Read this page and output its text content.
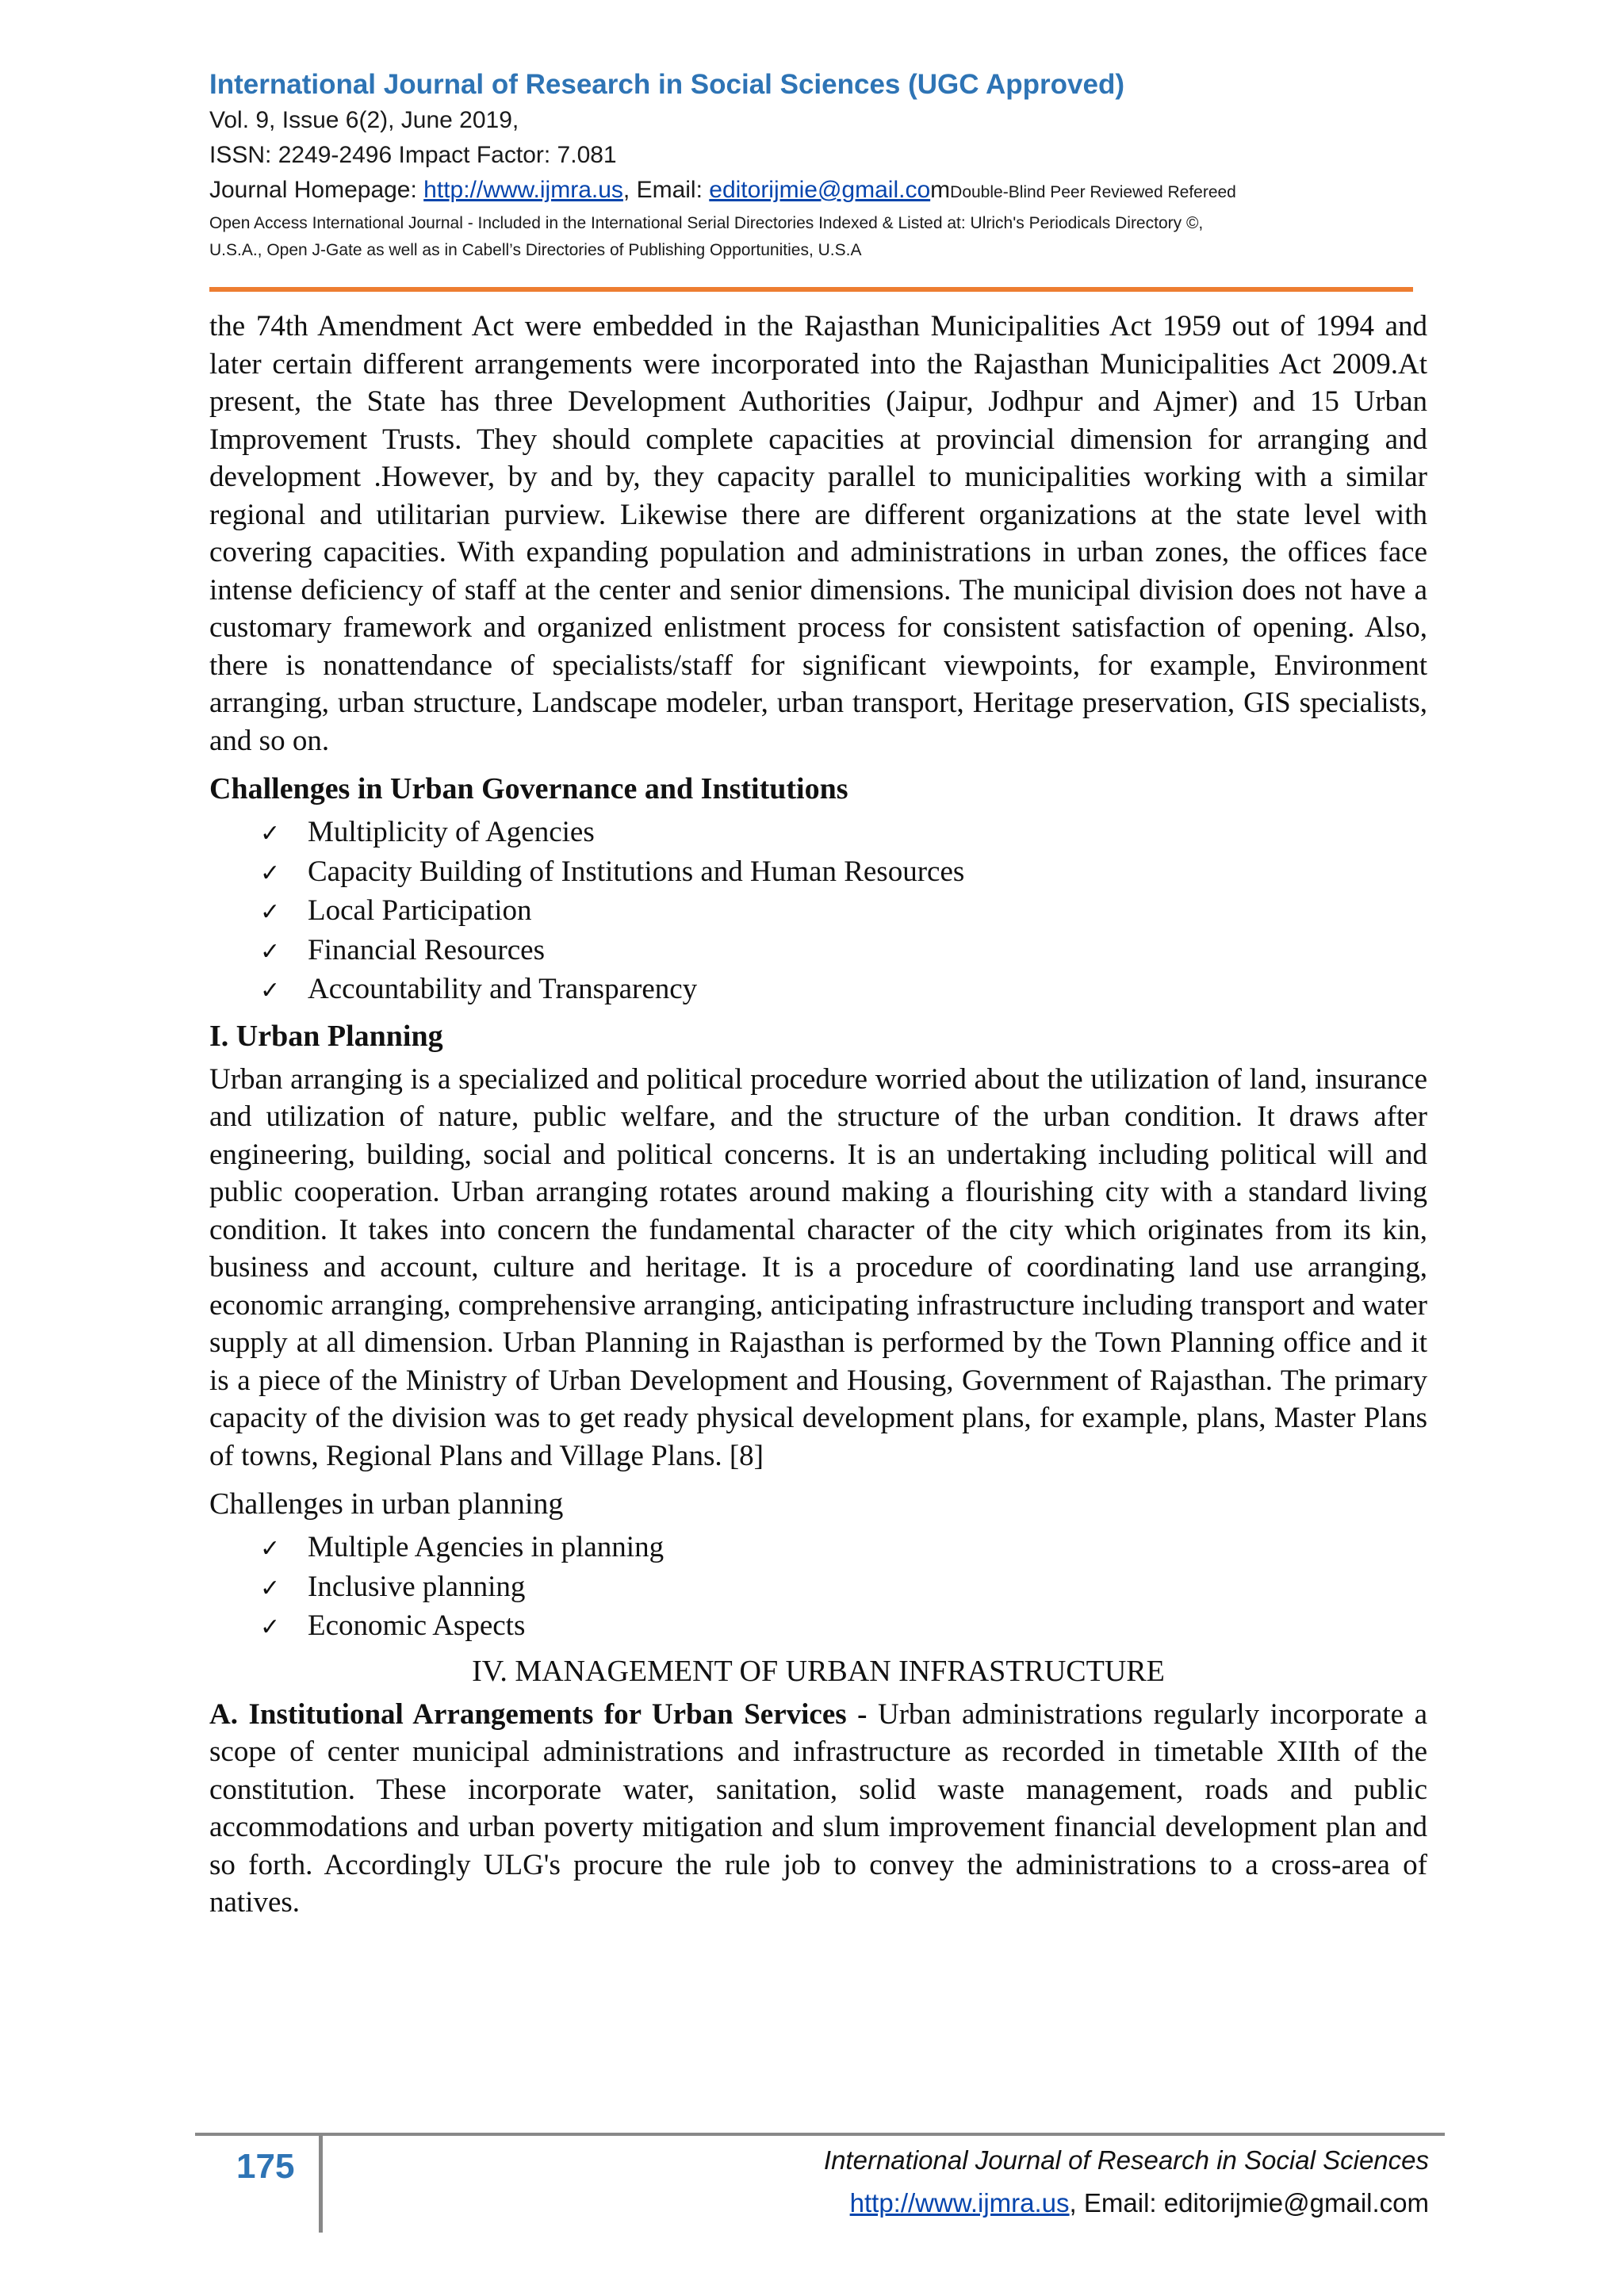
International Journal of Research in Social Sciences (UGC Approved)

Vol. 9, Issue 6(2), June 2019,

ISSN: 2249-2496 Impact Factor: 7.081

Journal Homepage: http://www.ijmra.us, Email: editorijmie@gmail.comDouble-Blind Peer Reviewed Refereed

Open Access International Journal - Included in the International Serial Directories Indexed & Listed at: Ulrich's Periodicals Directory ©,

U.S.A., Open J-Gate as well as in Cabell’s Directories of Publishing Opportunities, U.S.A

the 74th Amendment Act were embedded in the Rajasthan Municipalities Act 1959 out of 1994 and later certain different arrangements were incorporated into the Rajasthan Municipalities Act 2009.At present, the State has three Development Authorities (Jaipur, Jodhpur and Ajmer) and 15 Urban Improvement Trusts. They should complete capacities at provincial dimension for arranging and development .However, by and by, they capacity parallel to municipalities working with a similar regional and utilitarian purview. Likewise there are different organizations at the state level with covering capacities. With expanding population and administrations in urban zones, the offices face intense deficiency of staff at the center and senior dimensions. The municipal division does not have a customary framework and organized enlistment process for consistent satisfaction of opening. Also, there is nonattendance of specialists/staff for significant viewpoints, for example, Environment arranging, urban structure, Landscape modeler, urban transport, Heritage preservation, GIS specialists, and so on.

Challenges in Urban Governance and Institutions

✓ Multiplicity of Agencies
✓ Capacity Building of Institutions and Human Resources
✓ Local Participation
✓ Financial Resources
✓ Accountability and Transparency

I. Urban Planning

Urban arranging is a specialized and political procedure worried about the utilization of land, insurance and utilization of nature, public welfare, and the structure of the urban condition. It draws after engineering, building, social and political concerns. It is an undertaking including political will and public cooperation. Urban arranging rotates around making a flourishing city with a standard living condition. It takes into concern the fundamental character of the city which originates from its kin, business and account, culture and heritage. It is a procedure of coordinating land use arranging, economic arranging, comprehensive arranging, anticipating infrastructure including transport and water supply at all dimension. Urban Planning in Rajasthan is performed by the Town Planning office and it is a piece of the Ministry of Urban Development and Housing, Government of Rajasthan. The primary capacity of the division was to get ready physical development plans, for example, plans, Master Plans of towns, Regional Plans and Village Plans. [8]

Challenges in urban planning

✓ Multiple Agencies in planning
✓ Inclusive planning
✓ Economic Aspects

IV. MANAGEMENT OF URBAN INFRASTRUCTURE

A. Institutional Arrangements for Urban Services - Urban administrations regularly incorporate a scope of center municipal administrations and infrastructure as recorded in timetable XIIth of the constitution. These incorporate water, sanitation, solid waste management, roads and public accommodations and urban poverty mitigation and slum improvement financial development plan and so forth. Accordingly ULG's procure the rule job to convey the administrations to a cross-area of natives.

175	International Journal of Research in Social Sciences
http://www.ijmra.us, Email: editorijmie@gmail.com
